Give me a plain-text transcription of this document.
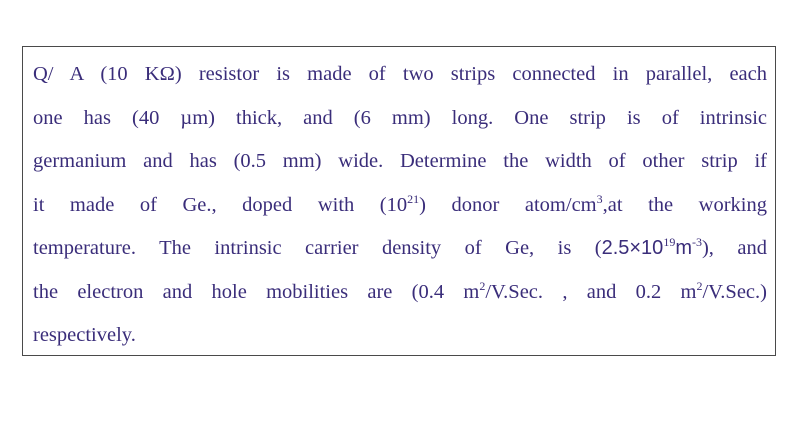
Q/ A (10 KΩ) resistor is made of two strips connected in parallel, each
one has (40 µm) thick, and (6 mm) long. One strip is of intrinsic
germanium and has (0.5 mm) wide. Determine the width of other strip if
it made of Ge., doped with $(10^{21})$ donor atom/$cm^3,at$ the working
temperature. The intrinsic carrier density of Ge, is $(2.5\times 10^{19}m^{-3})$, and
the electron and hole mobilities are (0.4 $m^2/V.Sec$. , and 0.2 $m^2/V.Sec$.)
respectively.
